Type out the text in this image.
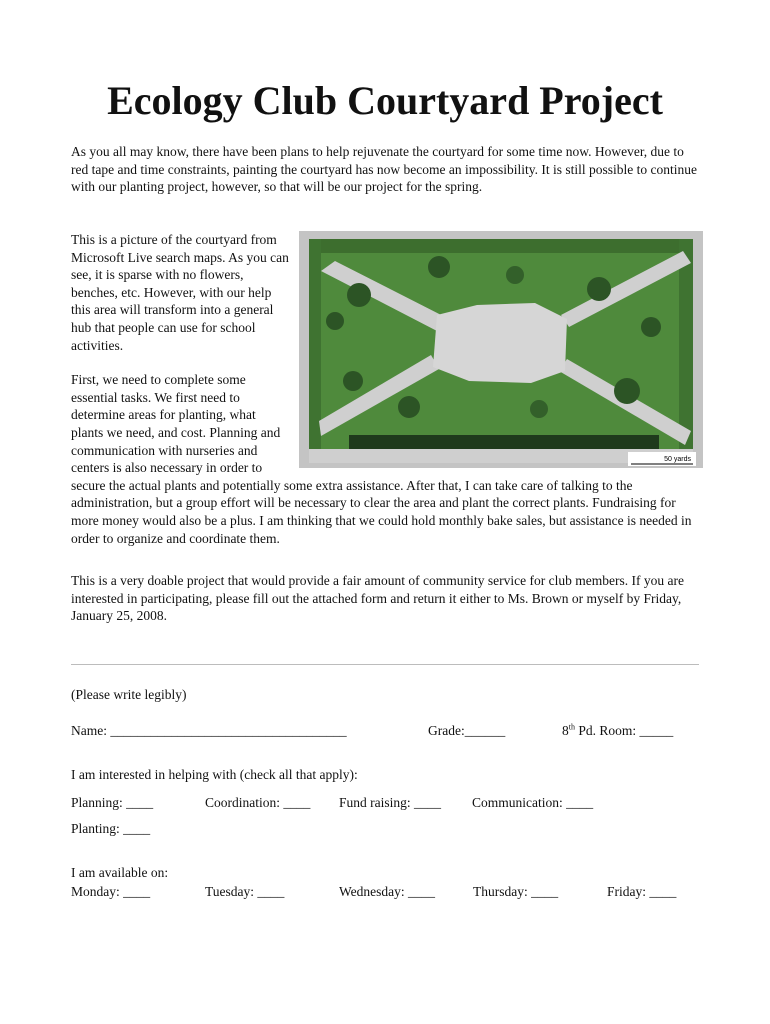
Ecology Club Courtyard Project

As you all may know, there have been plans to help rejuvenate the courtyard for some time now. However, due to red tape and time constraints, painting the courtyard has now become an impossibility. It is still possible to continue with our planting project, however, so that will be our project for the spring.

50 yards

This is a picture of the courtyard from Microsoft Live search maps. As you can see, it is sparse with no flowers, benches, etc. However, with our help this area will transform into a general hub that people can use for school activities.

First, we need to complete some essential tasks. We first need to determine areas for planting, what plants we need, and cost. Planning and communication with nurseries and centers is also necessary in order to secure the actual plants and potentially some extra assistance. After that, I can take care of talking to the administration, but a group effort will be necessary to clear the area and plant the correct plants. Fundraising for more money would also be a plus. I am thinking that we could hold monthly bake sales, but assistance is needed in order to organize and coordinate them.

This is a very doable project that would provide a fair amount of community service for club members. If you are interested in participating, please fill out the attached form and return it either to Ms. Brown or myself by Friday, January 25, 2008.

(Please write legibly)

Name: ___________________________________	Grade:______	8th Pd. Room: _____

I am interested in helping with (check all that apply):

Planning: ____	Coordination: ____ Fund raising: ____ Communication: ____

Planting: ____

I am available on:

Monday: ____	Tuesday: ____	Wednesday: ____	Thursday: ____	Friday: ____
